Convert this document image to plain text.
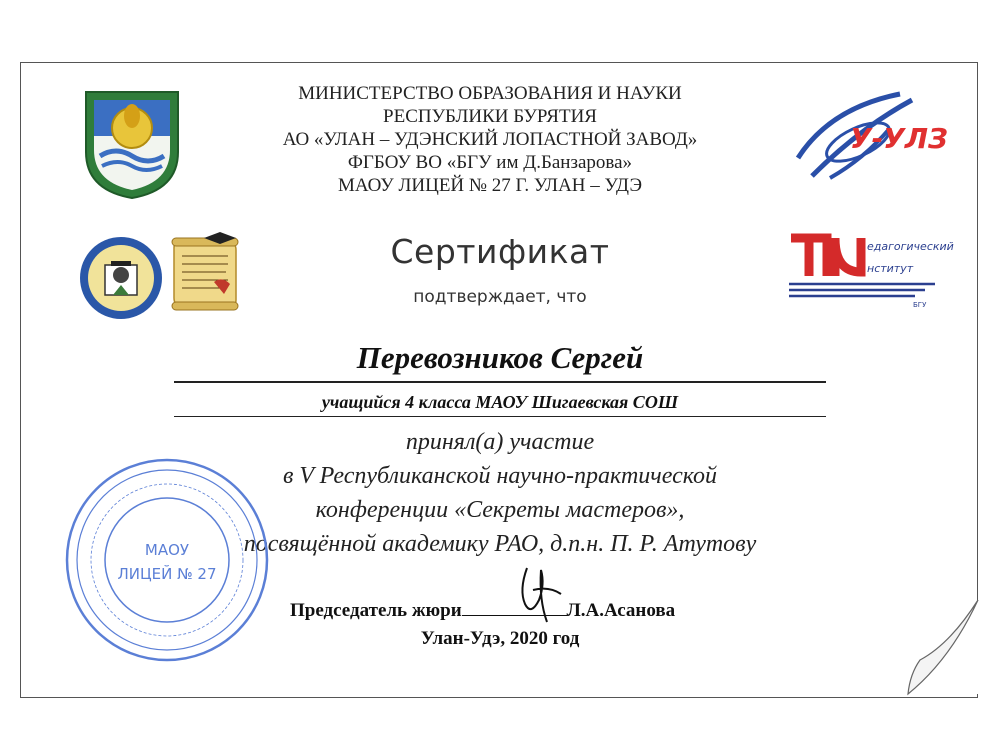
МИНИСТЕРСТВО ОБРАЗОВАНИЯ И НАУКИ
РЕСПУБЛИКИ БУРЯТИЯ
АО «УЛАН – УДЭНСКИЙ ЛОПАСТНОЙ ЗАВОД»
ФГБОУ ВО «БГУ им Д.Банзарова»
МАОУ ЛИЦЕЙ № 27 Г. УЛАН – УДЭ
У-УЛЗ
едагогический
нститут
БГУ
Сертификат
подтверждает, что
Перевозников Сергей
учащийся 4 класса МАОУ Шигаевская СОШ
принял(а) участие
в V Республиканской научно-практической
конференции «Секреты мастеров»,
посвящённой академику РАО, д.п.н. П. Р. Атутову
МАОУ
ЛИЦЕЙ № 27
Председатель жюри	Л.А.Асанова
Улан-Удэ, 2020 год
